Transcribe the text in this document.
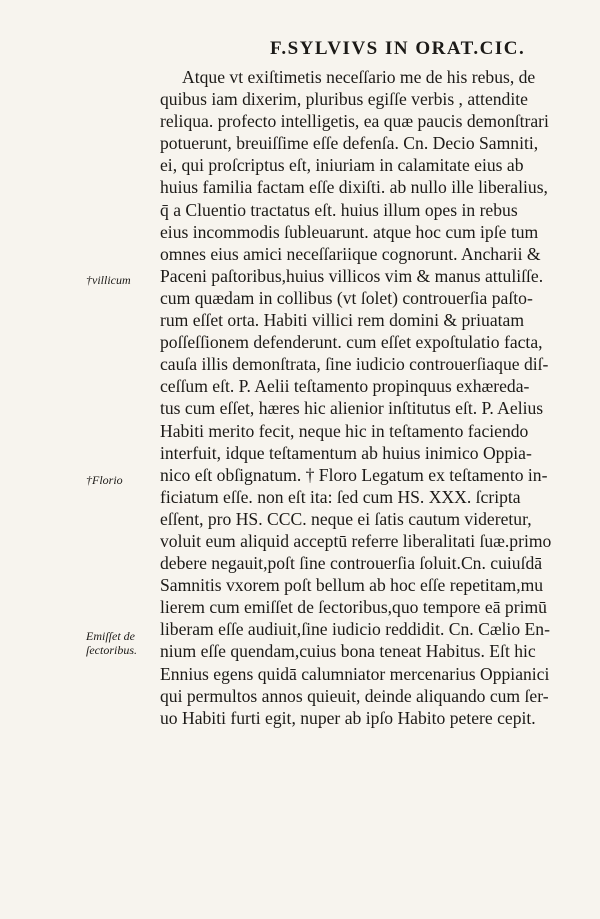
F.SYLVIVS IN ORAT.CIC.
Atque vt exiſtimetis neceſſario me de his rebus, de
quibus iam dixerim, pluribus egiſſe verbis , attendite
reliqua. profecto intelligetis, ea quæ paucis demonſtrari
potuerunt, breuiſſime eſſe defenſa. Cn. Decio Samniti,
ei, qui proſcriptus eſt, iniuriam in calamitate eius ab
huius familia factam eſſe dixiſti. ab nullo ille liberalius,
q̄ a Cluentio tractatus eſt. huius illum opes in rebus
eius incommodis ſubleuarunt. atque hoc cum ipſe tum
omnes eius amici neceſſariique cognorunt. Ancharii &
Paceni paſtoribus,huius villicos vim & manus attuliſſe.
cum quædam in collibus (vt ſolet) controuerſia paſto-
rum eſſet orta. Habiti villici rem domini & priuatam
poſſeſſionem defenderunt. cum eſſet expoſtulatio facta,
cauſa illis demonſtrata, ſine iudicio controuerſiaque diſ-
ceſſum eſt. P. Aelii teſtamento propinquus exhæreda-
tus cum eſſet, hæres hic alienior inſtitutus eſt. P. Aelius
Habiti merito fecit, neque hic in teſtamento faciendo
interfuit, idque teſtamentum ab huius inimico Oppia-
nico eſt obſignatum. † Floro Legatum ex teſtamento in-
ficiatum eſſe. non eſt ita: ſed cum HS. XXX. ſcripta
eſſent, pro HS. CCC. neque ei ſatis cautum videretur,
voluit eum aliquid acceptū referre liberalitati ſuæ.primo
debere negauit,poſt ſine controuerſia ſoluit.Cn. cuiuſdā
Samnitis vxorem poſt bellum ab hoc eſſe repetitam,mu
lierem cum emiſſet de ſectoribus,quo tempore eā primū
liberam eſſe audiuit,ſine iudicio reddidit. Cn. Cælio En-
nium eſſe quendam,cuius bona teneat Habitus. Eſt hic
Ennius egens quidā calumniator mercenarius Oppianici
qui permultos annos quieuit, deinde aliquando cum ſer-
uo Habiti furti egit, nuper ab ipſo Habito petere cepit.
†villicum
†Florio
Emiſſet de ſectoribus.
